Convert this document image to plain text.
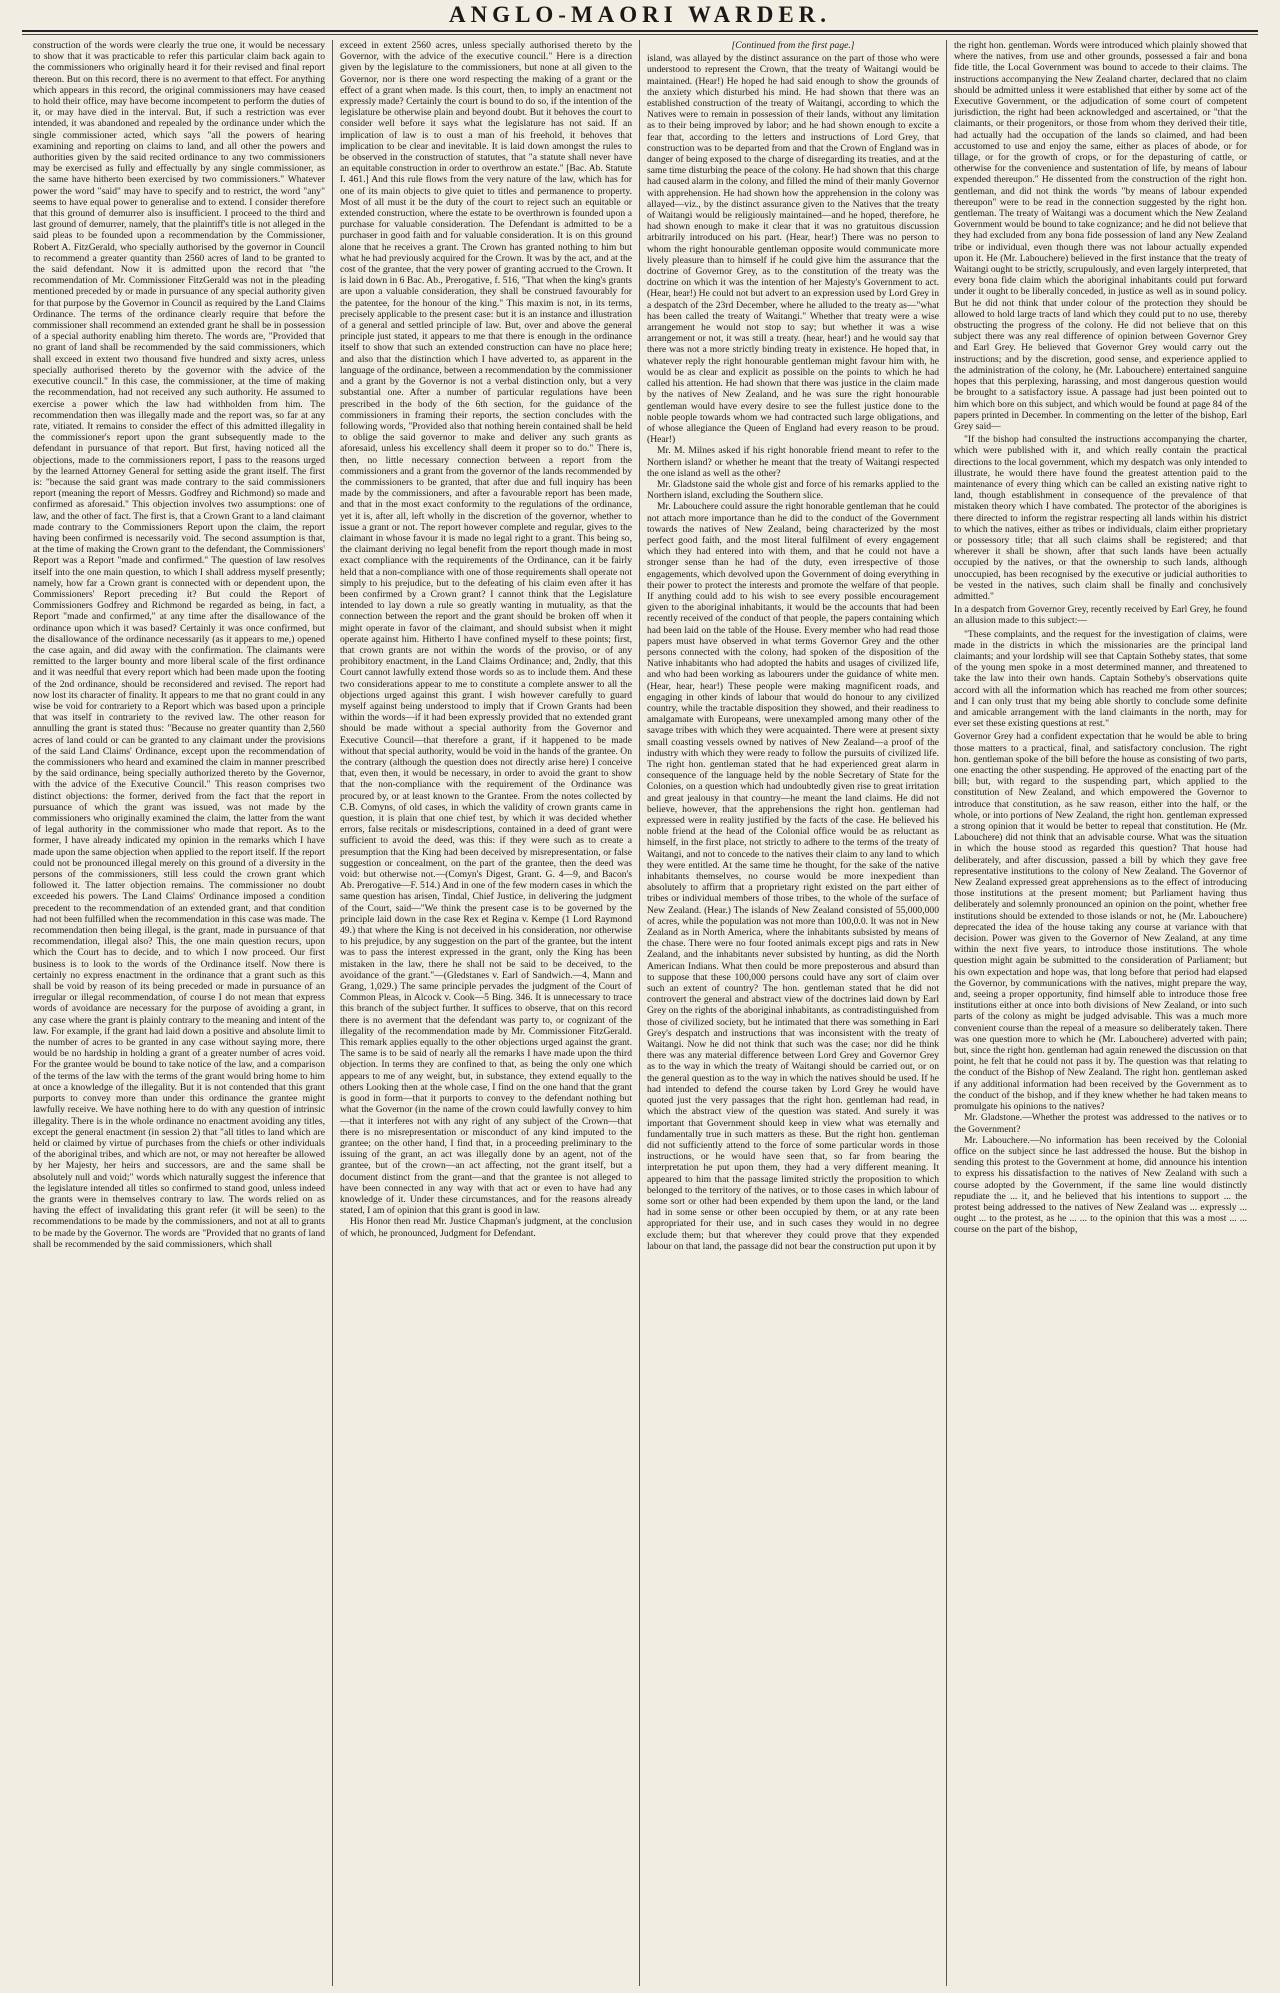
ANGLO-MAORI WARDER.

construction of the words were clearly the true one, it would be necessary to show that it was practicable to refer this particular claim back again to the commissioners who originally heard it for their revised and final report thereon. But on this record, there is no averment to that effect. For anything which appears in this record, the original commissioners may have ceased to hold their office, may have become incompetent to perform the duties of it, or may have died in the interval. But, if such a restriction was ever intended, it was abandoned and repealed by the ordinance under which the single commissioner acted, which says "all the powers of hearing examining and reporting on claims to land, and all other the powers and authorities given by the said recited ordinance to any two commissioners may be exercised as fully and effectually by any single commissioner, as the same have hitherto been exercised by two commissioners." Whatever power the word "said" may have to specify and to restrict, the word "any" seems to have equal power to generalise and to extend. I consider therefore that this ground of demurrer also is insufficient. I proceed to the third and last ground of demurrer, namely, that the plaintiff's title is not alleged in the said pleas to be founded upon a recommendation by the Commissioner, Robert A. FitzGerald, who specially authorised by the governor in Council to recommend a greater quantity than 2560 acres of land to be granted to the said defendant. Now it is admitted upon the record that "the recommendation of Mr. Commissioner FitzGerald was not in the pleading mentioned preceded by or made in pursuance of any special authority given for that purpose by the Governor in Council as required by the Land Claims Ordinance. The terms of the ordinance clearly require that before the commissioner shall recommend an extended grant he shall be in possession of a special authority enabling him thereto. The words are, "Provided that no grant of land shall be recommended by the said commissioners, which shall exceed in extent two thousand five hundred and sixty acres, unless specially authorised thereto by the governor with the advice of the executive council." In this case, the commissioner, at the time of making the recommendation, had not received any such authority. He assumed to exercise a power which the law had withholden from him. The recommendation then was illegally made and the report was, so far at any rate, vitiated. It remains to consider the effect of this admitted illegality in the commissioner's report upon the grant subsequently made to the defendant in pursuance of that report. But first, having noticed all the objections, made to the commissioners report, I pass to the reasons urged by the learned Attorney General for setting aside the grant itself. The first is: "because the said grant was made contrary to the said commissioners report (meaning the report of Messrs. Godfrey and Richmond) so made and confirmed as aforesaid." This objection involves two assumptions: one of law, and the other of fact. The first is, that a Crown Grant to a land claimant made contrary to the Commissioners Report upon the claim, the report having been confirmed is necessarily void. The second assumption is that, at the time of making the Crown grant to the defendant, the Commissioners' Report was a Report "made and confirmed." The question of law resolves itself into the one main question, to which I shall address myself presently; namely, how far a Crown grant is connected with or dependent upon, the Commissioners' Report preceding it? But could the Report of Commissioners Godfrey and Richmond be regarded as being, in fact, a Report "made and confirmed," at any time after the disallowance of the ordinance upon which it was based? Certainly it was once confirmed, but the disallowance of the ordinance necessarily (as it appears to me,) opened the case again, and did away with the confirmation. The claimants were remitted to the larger bounty and more liberal scale of the first ordinance and it was needful that every report which had been made upon the footing of the 2nd ordinance, should be reconsidered and revised. The report had now lost its character of finality. It appears to me that no grant could in any wise be void for contrariety to a Report which was based upon a principle that was itself in contrariety to the revived law. The other reason for annulling the grant is stated thus: "Because no greater quantity than 2,560 acres of land could or can be granted to any claimant under the provisions of the said Land Claims' Ordinance, except upon the recommendation of the commissioners who heard and examined the claim in manner prescribed by the said ordinance, being specially authorized thereto by the Governor, with the advice of the Executive Council." This reason comprises two distinct objections: the former, derived from the fact that the report in pursuance of which the grant was issued, was not made by the commissioners who originally examined the claim, the latter from the want of legal authority in the commissioner who made that report. As to the former, I have already indicated my opinion in the remarks which I have made upon the same objection when applied to the report itself. If the report could not be pronounced illegal merely on this ground of a diversity in the persons of the commissioners, still less could the crown grant which followed it. The latter objection remains. The commissioner no doubt exceeded his powers. The Land Claims' Ordinance imposed a condition precedent to the recommendation of an extended grant, and that condition had not been fulfilled when the recommendation in this case was made. The recommendation then being illegal, is the grant, made in pursuance of that recommendation, illegal also? This, the one main question recurs, upon which the Court has to decide, and to which I now proceed. Our first business is to look to the words of the Ordinance itself. Now there is certainly no express enactment in the ordinance that a grant such as this shall be void by reason of its being preceded or made in pursuance of an irregular or illegal recommendation, of course I do not mean that express words of avoidance are necessary for the purpose of avoiding a grant, in any case where the grant is plainly contrary to the meaning and intent of the law. For example, if the grant had laid down a positive and absolute limit to the number of acres to be granted in any case without saying more, there would be no hardship in holding a grant of a greater number of acres void. For the grantee would be bound to take notice of the law, and a comparison of the terms of the law with the terms of the grant would bring home to him at once a knowledge of the illegality. But it is not contended that this grant purports to convey more than under this ordinance the grantee might lawfully receive. We have nothing here to do with any question of intrinsic illegality. There is in the whole ordinance no enactment avoiding any titles, except the general enactment (in session 2) that "all titles to land which are held or claimed by virtue of purchases from the chiefs or other individuals of the aboriginal tribes, and which are not, or may not hereafter be allowed by her Majesty, her heirs and successors, are and the same shall be absolutely null and void;" words which naturally suggest the inference that the legislature intended all titles so confirmed to stand good, unless indeed the grants were in themselves contrary to law. The words relied on as having the effect of invalidating this grant refer (it will be seen) to the recommendations to be made by the commissioners, and not at all to grants to be made by the Governor. The words are "Provided that no grants of land shall be recommended by the said commissioners, which shall

exceed in extent 2560 acres, unless specially authorised thereto by the Governor, with the advice of the executive council." Here is a direction given by the legislature to the commissioners, but none at all given to the Governor, nor is there one word respecting the making of a grant or the effect of a grant when made. Is this court, then, to imply an enactment not expressly made? Certainly the court is bound to do so, if the intention of the legislature be otherwise plain and beyond doubt. But it behoves the court to consider well before it says what the legislature has not said. If an implication of law is to oust a man of his freehold, it behoves that implication to be clear and inevitable. It is laid down amongst the rules to be observed in the construction of statutes, that "a statute shall never have an equitable construction in order to overthrow an estate." [Bac. Ab. Statute I. 461.] And this rule flows from the very nature of the law, which has for one of its main objects to give quiet to titles and permanence to property. Most of all must it be the duty of the court to reject such an equitable or extended construction, where the estate to be overthrown is founded upon a purchase for valuable consideration. The Defendant is admitted to be a purchaser in good faith and for valuable consideration. It is on this ground alone that he receives a grant. The Crown has granted nothing to him but what he had previously acquired for the Crown. It was by the act, and at the cost of the grantee, that the very power of granting accrued to the Crown. It is laid down in 6 Bac. Ab., Prerogative, f. 516, "That when the king's grants are upon a valuable consideration, they shall be construed favourably for the patentee, for the honour of the king." This maxim is not, in its terms, precisely applicable to the present case: but it is an instance and illustration of a general and settled principle of law. But, over and above the general principle just stated, it appears to me that there is enough in the ordinance itself to show that such an extended construction can have no place here; and also that the distinction which I have adverted to, as apparent in the language of the ordinance, between a recommendation by the commissioner and a grant by the Governor is not a verbal distinction only, but a very substantial one. After a number of particular regulations have been prescribed in the body of the 6th section, for the guidance of the commissioners in framing their reports, the section concludes with the following words, "Provided also that nothing herein contained shall be held to oblige the said governor to make and deliver any such grants as aforesaid, unless his excellency shall deem it proper so to do." There is, then, no little necessary connection between a report from the commissioners and a grant from the governor of the lands recommended by the commissioners to be granted, that after due and full inquiry has been made by the commissioners, and after a favourable report has been made, and that in the most exact conformity to the regulations of the ordinance, yet it is, after all, left wholly in the discretion of the governor, whether to issue a grant or not. The report however complete and regular, gives to the claimant in whose favour it is made no legal right to a grant. This being so, the claimant deriving no legal benefit from the report though made in most exact compliance with the requirements of the Ordinance, can it be fairly held that a non-compliance with one of those requirements shall operate not simply to his prejudice, but to the defeating of his claim even after it has been confirmed by a Crown grant? I cannot think that the Legislature intended to lay down a rule so greatly wanting in mutuality, as that the connection between the report and the grant should be broken off when it might operate in favor of the claimant, and should subsist when it might operate against him. Hitherto I have confined myself to these points; first, that crown grants are not within the words of the proviso, or of any prohibitory enactment, in the Land Claims Ordinance; and, 2ndly, that this Court cannot lawfully extend those words so as to include them. And these two considerations appear to me to constitute a complete answer to all the objections urged against this grant. I wish however carefully to guard myself against being understood to imply that if Crown Grants had been within the words—if it had been expressly provided that no extended grant should be made without a special authority from the Governor and Executive Council—that therefore a grant, if it happened to be made without that special authority, would be void in the hands of the grantee. On the contrary (although the question does not directly arise here) I conceive that, even then, it would be necessary, in order to avoid the grant to show that the non-compliance with the requirement of the Ordinance was procured by, or at least known to the Grantee. From the notes collected by C.B. Comyns, of old cases, in which the validity of crown grants came in question, it is plain that one chief test, by which it was decided whether errors, false recitals or misdescriptions, contained in a deed of grant were sufficient to avoid the deed, was this: if they were such as to create a presumption that the King had been deceived by misrepresentation, or false suggestion or concealment, on the part of the grantee, then the deed was void: but otherwise not.—(Comyn's Digest, Grant. G. 4—9, and Bacon's Ab. Prerogative—F. 514.) And in one of the few modern cases in which the same question has arisen, Tindal, Chief Justice, in delivering the judgment of the Court, said—"We think the present case is to be governed by the principle laid down in the case Rex et Regina v. Kempe (1 Lord Raymond 49.) that where the King is not deceived in his consideration, nor otherwise to his prejudice, by any suggestion on the part of the grantee, but the intent was to pass the interest expressed in the grant, only the King has been mistaken in the law, there he shall not be said to be deceived, to the avoidance of the grant."—(Gledstanes v. Earl of Sandwich.—4, Mann and Grang, 1,029.) The same principle pervades the judgment of the Court of Common Pleas, in Alcock v. Cook—5 Bing. 346. It is unnecessary to trace this branch of the subject further. It suffices to observe, that on this record there is no averment that the defendant was party to, or cognizant of the illegality of the recommendation made by Mr. Commissioner FitzGerald. This remark applies equally to the other objections urged against the grant. The same is to be said of nearly all the remarks I have made upon the third objection. In terms they are confined to that, as being the only one which appears to me of any weight, but, in substance, they extend equally to the others Looking then at the whole case, I find on the one hand that the grant is good in form—that it purports to convey to the defendant nothing but what the Governor (in the name of the crown could lawfully convey to him—that it interferes not with any right of any subject of the Crown—that there is no misrepresentation or misconduct of any kind imputed to the grantee; on the other hand, I find that, in a proceeding preliminary to the issuing of the grant, an act was illegally done by an agent, not of the grantee, but of the crown—an act affecting, not the grant itself, but a document distinct from the grant—and that the grantee is not alleged to have been connected in any way with that act or even to have had any knowledge of it. Under these circumstances, and for the reasons already stated, I am of opinion that this grant is good in law.

His Honor then read Mr. Justice Chapman's judgment, at the conclusion of which, he pronounced, Judgment for Defendant.

[Continued from the first page.]

island, was allayed by the distinct assurance on the part of those who were understood to represent the Crown, that the treaty of Waitangi would be maintained. (Hear!) He hoped he had said enough to show the grounds of the anxiety which disturbed his mind. He had shown that there was an established construction of the treaty of Waitangi, according to which the Natives were to remain in possession of their lands, without any limitation as to their being improved by labor; and he had shown enough to excite a fear that, according to the letters and instructions of Lord Grey, that construction was to be departed from and that the Crown of England was in danger of being exposed to the charge of disregarding its treaties, and at the same time disturbing the peace of the colony. He had shown that this charge had caused alarm in the colony, and filled the mind of their manly Governor with apprehension. He had shown how the apprehension in the colony was allayed—viz., by the distinct assurance given to the Natives that the treaty of Waitangi would be religiously maintained—and he hoped, therefore, he had shown enough to make it clear that it was no gratuitous discussion arbitrarily introduced on his part. (Hear, hear!) There was no person to whom the right honourable gentleman opposite would communicate more lively pleasure than to himself if he could give him the assurance that the doctrine of Governor Grey, as to the constitution of the treaty was the doctrine on which it was the intention of her Majesty's Government to act. (Hear, hear!) He could not but advert to an expression used by Lord Grey in a despatch of the 23rd December, where he alluded to the treaty as—"what has been called the treaty of Waitangi." Whether that treaty were a wise arrangement he would not stop to say; but whether it was a wise arrangement or not, it was still a treaty. (hear, hear!) and he would say that there was not a more strictly binding treaty in existence. He hoped that, in whatever reply the right honourable gentleman might favour him with, he would be as clear and explicit as possible on the points to which he had called his attention. He had shown that there was justice in the claim made by the natives of New Zealand, and he was sure the right honourable gentleman would have every desire to see the fullest justice done to the noble people towards whom we had contracted such large obligations, and of whose allegiance the Queen of England had every reason to be proud. (Hear!)

Mr. M. Milnes asked if his right honorable friend meant to refer to the Northern island? or whether he meant that the treaty of Waitangi respected the one island as well as the other?

Mr. Gladstone said the whole gist and force of his remarks applied to the Northern island, excluding the Southern slice.

Mr. Labouchere could assure the right honorable gentleman that he could not attach more importance than he did to the conduct of the Government towards the natives of New Zealand, being characterized by the most perfect good faith, and the most literal fulfilment of every engagement which they had entered into with them, and that he could not have a stronger sense than he had of the duty, even irrespective of those engagements, which devolved upon the Government of doing everything in their power to protect the interests and promote the welfare of that people. If anything could add to his wish to see every possible encouragement given to the aboriginal inhabitants, it would be the accounts that had been recently received of the conduct of that people, the papers containing which had been laid on the table of the House. Every member who had read those papers must have observed in what terms Governor Grey and the other persons connected with the colony, had spoken of the disposition of the Native inhabitants who had adopted the habits and usages of civilized life, and who had been working as labourers under the guidance of white men. (Hear, hear, hear!) These people were making magnificent roads, and engaging in other kinds of labour that would do honour to any civilized country, while the tractable disposition they showed, and their readiness to amalgamate with Europeans, were unexampled among many other of the savage tribes with which they were acquainted. There were at present sixty small coasting vessels owned by natives of New Zealand—a proof of the industry with which they were ready to follow the pursuits of civilized life. The right hon. gentleman stated that he had experienced great alarm in consequence of the language held by the noble Secretary of State for the Colonies, on a question which had undoubtedly given rise to great irritation and great jealousy in that country—he meant the land claims. He did not believe, however, that the apprehensions the right hon. gentleman had expressed were in reality justified by the facts of the case. He believed his noble friend at the head of the Colonial office would be as reluctant as himself, in the first place, not strictly to adhere to the terms of the treaty of Waitangi, and not to concede to the natives their claim to any land to which they were entitled. At the same time he thought, for the sake of the native inhabitants themselves, no course would be more inexpedient than absolutely to affirm that a proprietary right existed on the part either of tribes or individual members of those tribes, to the whole of the surface of New Zealand. (Hear.) The islands of New Zealand consisted of 55,000,000 of acres, while the population was not more than 100,0.0. It was not in New Zealand as in North America, where the inhabitants subsisted by means of the chase. There were no four footed animals except pigs and rats in New Zealand, and the inhabitants never subsisted by hunting, as did the North American Indians. What then could be more preposterous and absurd than to suppose that these 100,000 persons could have any sort of claim over such an extent of country? The hon. gentleman stated that he did not controvert the general and abstract view of the doctrines laid down by Earl Grey on the rights of the aboriginal inhabitants, as contradistinguished from those of civilized society, but he intimated that there was something in Earl Grey's despatch and instructions that was inconsistent with the treaty of Waitangi. Now he did not think that such was the case; nor did he think there was any material difference between Lord Grey and Governor Grey as to the way in which the treaty of Waitangi should be carried out, or on the general question as to the way in which the natives should be used. If he had intended to defend the course taken by Lord Grey he would have quoted just the very passages that the right hon. gentleman had read, in which the abstract view of the question was stated. And surely it was important that Government should keep in view what was eternally and fundamentally true in such matters as these. But the right hon. gentleman did not sufficiently attend to the force of some particular words in those instructions, or he would have seen that, so far from bearing the interpretation he put upon them, they had a very different meaning. It appeared to him that the passage limited strictly the proposition to which belonged to the territory of the natives, or to those cases in which labour of some sort or other had been expended by them upon the land, or the land had in some sense or other been occupied by them, or at any rate been appropriated for their use, and in such cases they would in no degree exclude them; but that wherever they could prove that they expended labour on that land, the passage did not bear the construction put upon it by

the right hon. gentleman. Words were introduced which plainly showed that where the natives, from use and other grounds, possessed a fair and bona fide title, the Local Government was bound to accede to their claims. The instructions accompanying the New Zealand charter, declared that no claim should be admitted unless it were established that either by some act of the Executive Government, or the adjudication of some court of competent jurisdiction, the right had been acknowledged and ascertained, or "that the claimants, or their progenitors, or those from whom they derived their title, had actually had the occupation of the lands so claimed, and had been accustomed to use and enjoy the same, either as places of abode, or for tillage, or for the growth of crops, or for the depasturing of cattle, or otherwise for the convenience and sustentation of life, by means of labour expended thereupon." He dissented from the construction of the right hon. gentleman, and did not think the words "by means of labour expended thereupon" were to be read in the connection suggested by the right hon. gentleman. The treaty of Waitangi was a document which the New Zealand Government would be bound to take cognizance; and he did not believe that they had excluded from any bona fide possession of land any New Zealand tribe or individual, even though there was not labour actually expended upon it. He (Mr. Labouchere) believed in the first instance that the treaty of Waitangi ought to be strictly, scrupulously, and even largely interpreted, that every bona fide claim which the aboriginal inhabitants could put forward under it ought to be liberally conceded, in justice as well as in sound policy. But he did not think that under colour of the protection they should be allowed to hold large tracts of land which they could put to no use, thereby obstructing the progress of the colony. He did not believe that on this subject there was any real difference of opinion between Governor Grey and Earl Grey. He believed that Governor Grey would carry out the instructions; and by the discretion, good sense, and experience applied to the administration of the colony, he (Mr. Labouchere) entertained sanguine hopes that this perplexing, harassing, and most dangerous question would be brought to a satisfactory issue. A passage had just been pointed out to him which bore on this subject, and which would be found at page 84 of the papers printed in December. In commenting on the letter of the bishop, Earl Grey said—

"If the bishop had consulted the instructions accompanying the charter, which were published with it, and which really contain the practical directions to the local government, which my despatch was only intended to illustrate, he would there have found the greatest attention paid to the maintenance of every thing which can be called an existing native right to land, though establishment in consequence of the prevalence of that mistaken theory which I have combated. The protector of the aborigines is there directed to inform the registrar respecting all lands within his district to which the natives, either as tribes or individuals, claim either proprietary or possessory title; that all such claims shall be registered; and that wherever it shall be shown, after that such lands have been actually occupied by the natives, or that the ownership to such lands, although unoccupied, has been recognised by the executive or judicial authorities to be vested in the natives, such claim shall be finally and conclusively admitted."

In a despatch from Governor Grey, recently received by Earl Grey, he found an allusion made to this subject:—

"These complaints, and the request for the investigation of claims, were made in the districts in which the missionaries are the principal land claimants; and your lordship will see that Captain Sotheby states, that some of the young men spoke in a most determined manner, and threatened to take the law into their own hands. Captain Sotheby's observations quite accord with all the information which has reached me from other sources; and I can only trust that my being able shortly to conclude some definite and amicable arrangement with the land claimants in the north, may for ever set these existing questions at rest."

Governor Grey had a confident expectation that he would be able to bring those matters to a practical, final, and satisfactory conclusion. The right hon. gentleman spoke of the bill before the house as consisting of two parts, one enacting the other suspending. He approved of the enacting part of the bill; but, with regard to the suspending part, which applied to the constitution of New Zealand, and which empowered the Governor to introduce that constitution, as he saw reason, either into the half, or the whole, or into portions of New Zealand, the right hon. gentleman expressed a strong opinion that it would be better to repeal that constitution. He (Mr. Labouchere) did not think that an advisable course. What was the situation in which the house stood as regarded this question? That house had deliberately, and after discussion, passed a bill by which they gave free representative institutions to the colony of New Zealand. The Governor of New Zealand expressed great apprehensions as to the effect of introducing those institutions at the present moment; but Parliament having thus deliberately and solemnly pronounced an opinion on the point, whether free institutions should be extended to those islands or not, he (Mr. Labouchere) deprecated the idea of the house taking any course at variance with that decision. Power was given to the Governor of New Zealand, at any time within the next five years, to introduce those institutions. The whole question might again be submitted to the consideration of Parliament; but his own expectation and hope was, that long before that period had elapsed the Governor, by communications with the natives, might prepare the way, and, seeing a proper opportunity, find himself able to introduce those free institutions either at once into both divisions of New Zealand, or into such parts of the colony as might be judged advisable. This was a much more convenient course than the repeal of a measure so deliberately taken. There was one question more to which he (Mr. Labouchere) adverted with pain; but, since the right hon. gentleman had again renewed the discussion on that point, he felt that he could not pass it by. The question was that relating to the conduct of the Bishop of New Zealand. The right hon. gentleman asked if any additional information had been received by the Government as to the conduct of the bishop, and if they knew whether he had taken means to promulgate his opinions to the natives?

Mr. Gladstone.—Whether the protest was addressed to the natives or to the Government?

Mr. Labouchere.—No information has been received by the Colonial office on the subject since he last addressed the house. But the bishop in sending this protest to the Government at home, did announce his intention to express his dissatisfaction to the natives of New Zealand with such a course adopted by the Government, if the same line would distinctly repudiate the ... it, and he believed that his intentions to support ... the protest being addressed to the natives of New Zealand was ... expressly ... ought ... to the protest, as he ... ... to the opinion that this was a most ... ... course on the part of the bishop,
